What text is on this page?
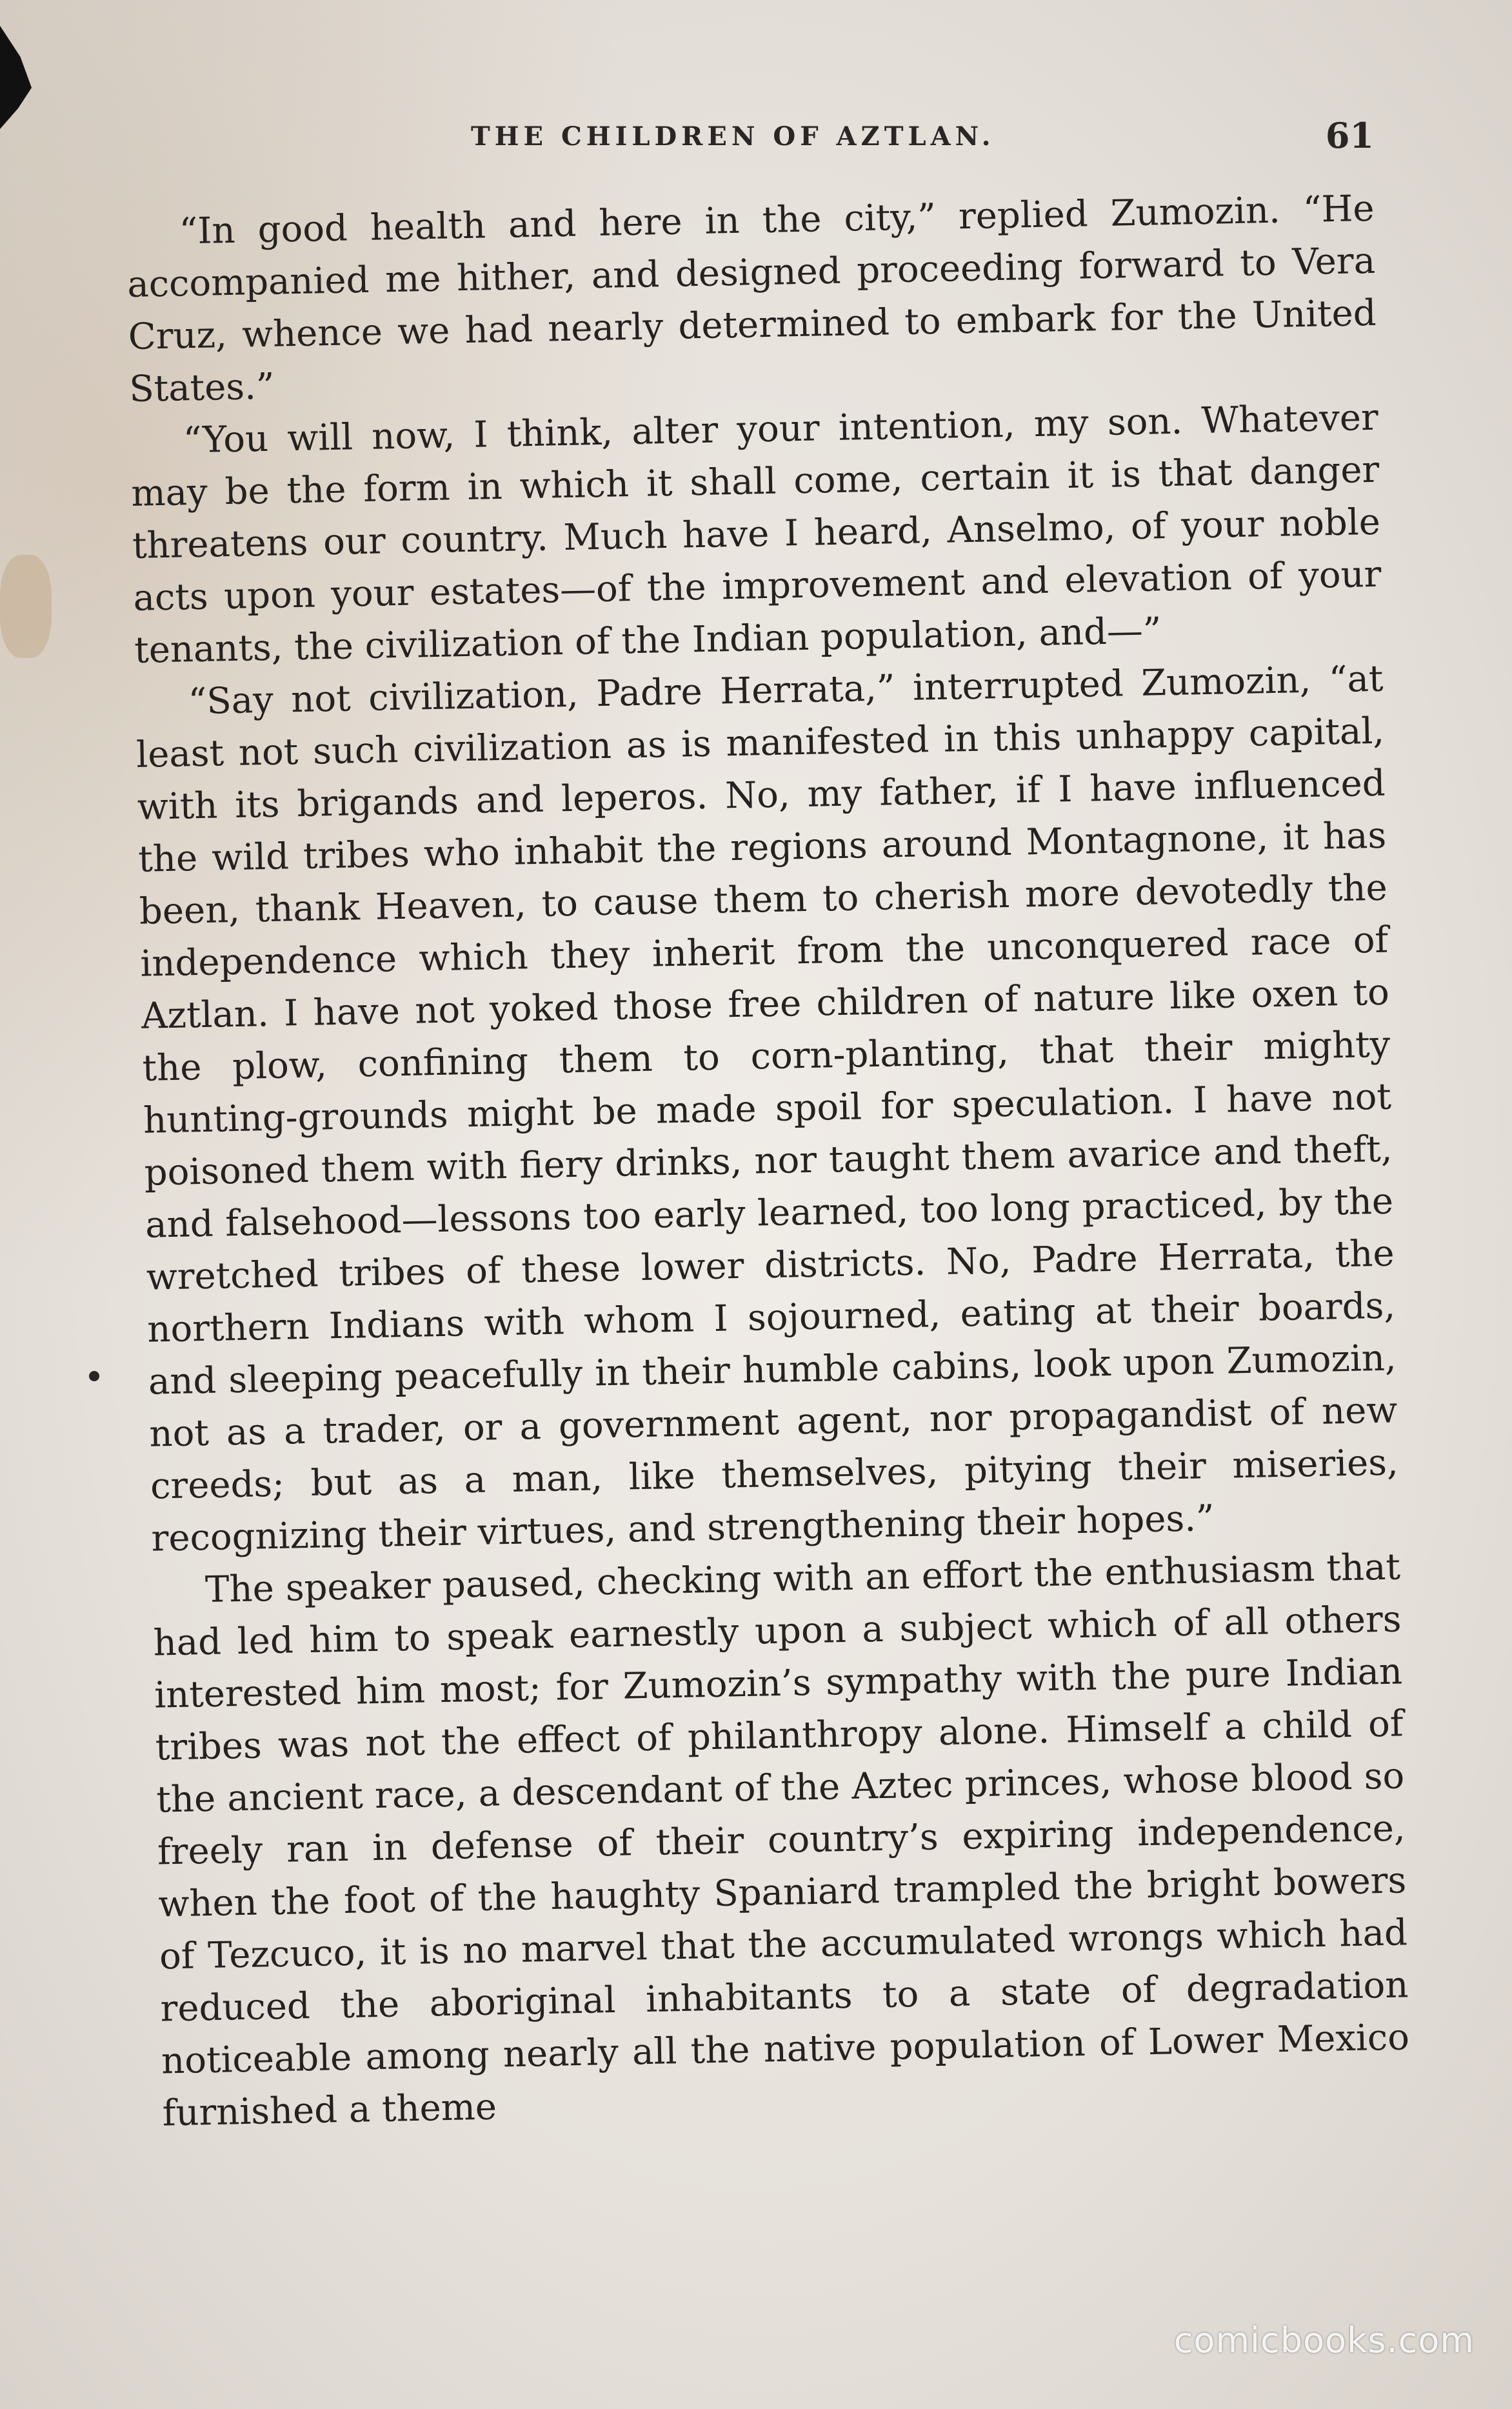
THE CHILDREN OF AZTLAN.	61

“In good health and here in the city,” replied Zumozin. “He accompanied me hither, and designed proceeding forward to Vera Cruz, whence we had nearly determined to embark for the United States.”

“You will now, I think, alter your intention, my son. Whatever may be the form in which it shall come, certain it is that danger threatens our country. Much have I heard, Anselmo, of your noble acts upon your estates—of the improvement and elevation of your tenants, the civilization of the Indian population, and—”

“Say not civilization, Padre Herrata,” interrupted Zumozin, “at least not such civilization as is manifested in this unhappy capital, with its brigands and leperos. No, my father, if I have influenced the wild tribes who inhabit the regions around Montagnone, it has been, thank Heaven, to cause them to cherish more devotedly the independence which they inherit from the unconquered race of Aztlan. I have not yoked those free children of nature like oxen to the plow, confining them to corn-planting, that their mighty hunting-grounds might be made spoil for speculation. I have not poisoned them with fiery drinks, nor taught them avarice and theft, and falsehood—lessons too early learned, too long practiced, by the wretched tribes of these lower districts. No, Padre Herrata, the northern Indians with whom I sojourned, eating at their boards, and sleeping peacefully in their humble cabins, look upon Zumozin, not as a trader, or a government agent, nor propagandist of new creeds; but as a man, like themselves, pitying their miseries, recognizing their virtues, and strengthening their hopes.”

The speaker paused, checking with an effort the enthusiasm that had led him to speak earnestly upon a subject which of all others interested him most; for Zumozin’s sympathy with the pure Indian tribes was not the effect of philanthropy alone. Himself a child of the ancient race, a descendant of the Aztec princes, whose blood so freely ran in defense of their country’s expiring independence, when the foot of the haughty Spaniard trampled the bright bowers of Tezcuco, it is no marvel that the accumulated wrongs which had reduced the aboriginal inhabitants to a state of degradation noticeable among nearly all the native population of Lower Mexico furnished a theme

comicbooks.com
